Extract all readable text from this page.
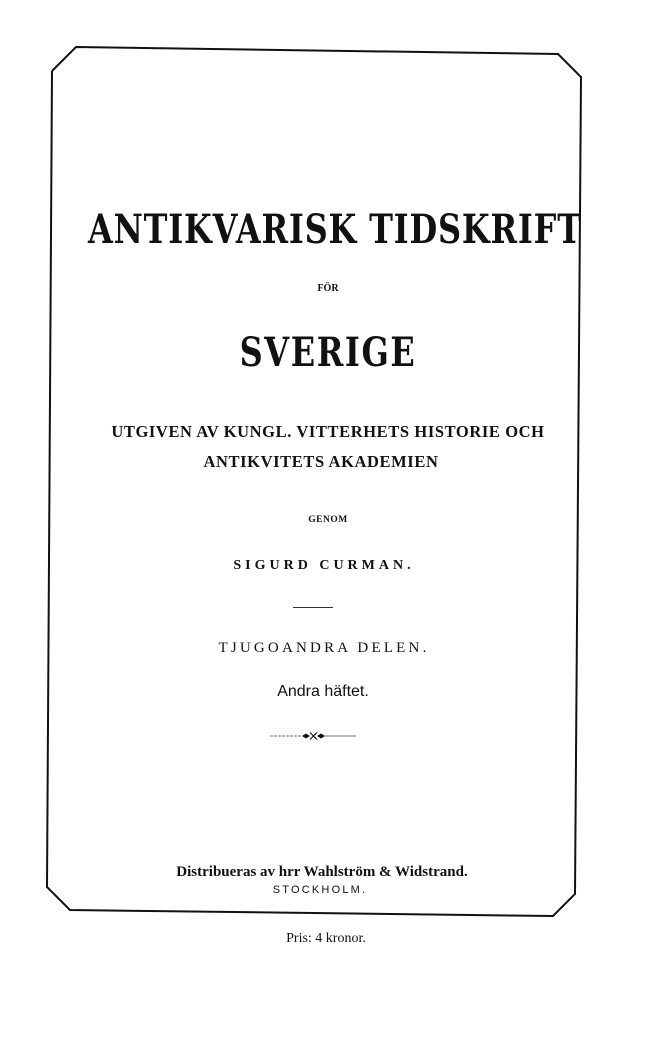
ANTIKVARISK TIDSKRIFT
FÖR
SVERIGE
UTGIVEN AV KUNGL. VITTERHETS HISTORIE OCH
ANTIKVITETS AKADEMIEN
GENOM
SIGURD CURMAN.
TJUGOANDRA DELEN.
Andra häftet.
Distribueras av hrr Wahlström & Widstrand.
STOCKHOLM.
Pris: 4 kronor.
